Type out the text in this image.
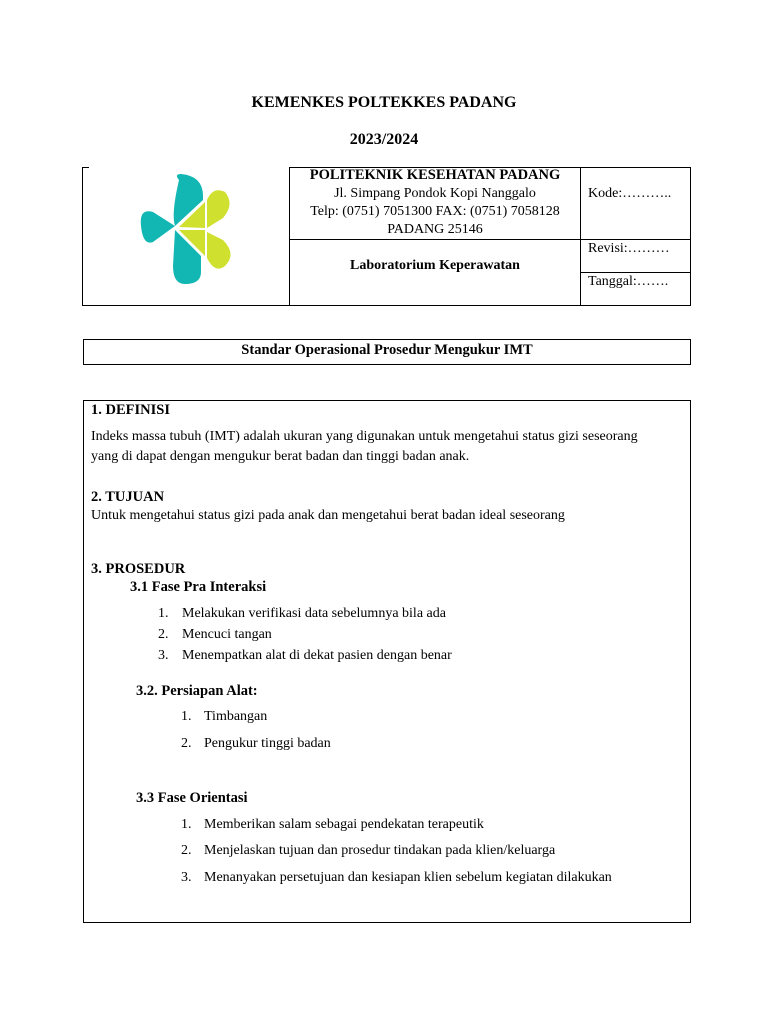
KEMENKES POLTEKKES PADANG
2023/2024
POLITEKNIK KESEHATAN PADANG
Jl. Simpang Pondok Kopi Nanggalo
Telp: (0751) 7051300 FAX: (0751) 7058128
PADANG 25146
Laboratorium Keperawatan
Kode:………..
Revisi:………
Tanggal:…….
Standar Operasional Prosedur Mengukur IMT
1. DEFINISI
Indeks massa tubuh (IMT) adalah ukuran yang digunakan untuk mengetahui status gizi seseorang
yang di dapat dengan mengukur berat badan dan tinggi badan anak.
2. TUJUAN
Untuk mengetahui status gizi pada anak dan mengetahui berat badan ideal seseorang
3. PROSEDUR
3.1 Fase Pra Interaksi
1. Melakukan verifikasi data sebelumnya bila ada
2. Mencuci tangan
3. Menempatkan alat di dekat pasien dengan benar
3.2. Persiapan Alat:
1. Timbangan
2. Pengukur tinggi badan
3.3 Fase Orientasi
1. Memberikan salam sebagai pendekatan terapeutik
2. Menjelaskan tujuan dan prosedur tindakan pada klien/keluarga
3. Menanyakan persetujuan dan kesiapan klien sebelum kegiatan dilakukan
